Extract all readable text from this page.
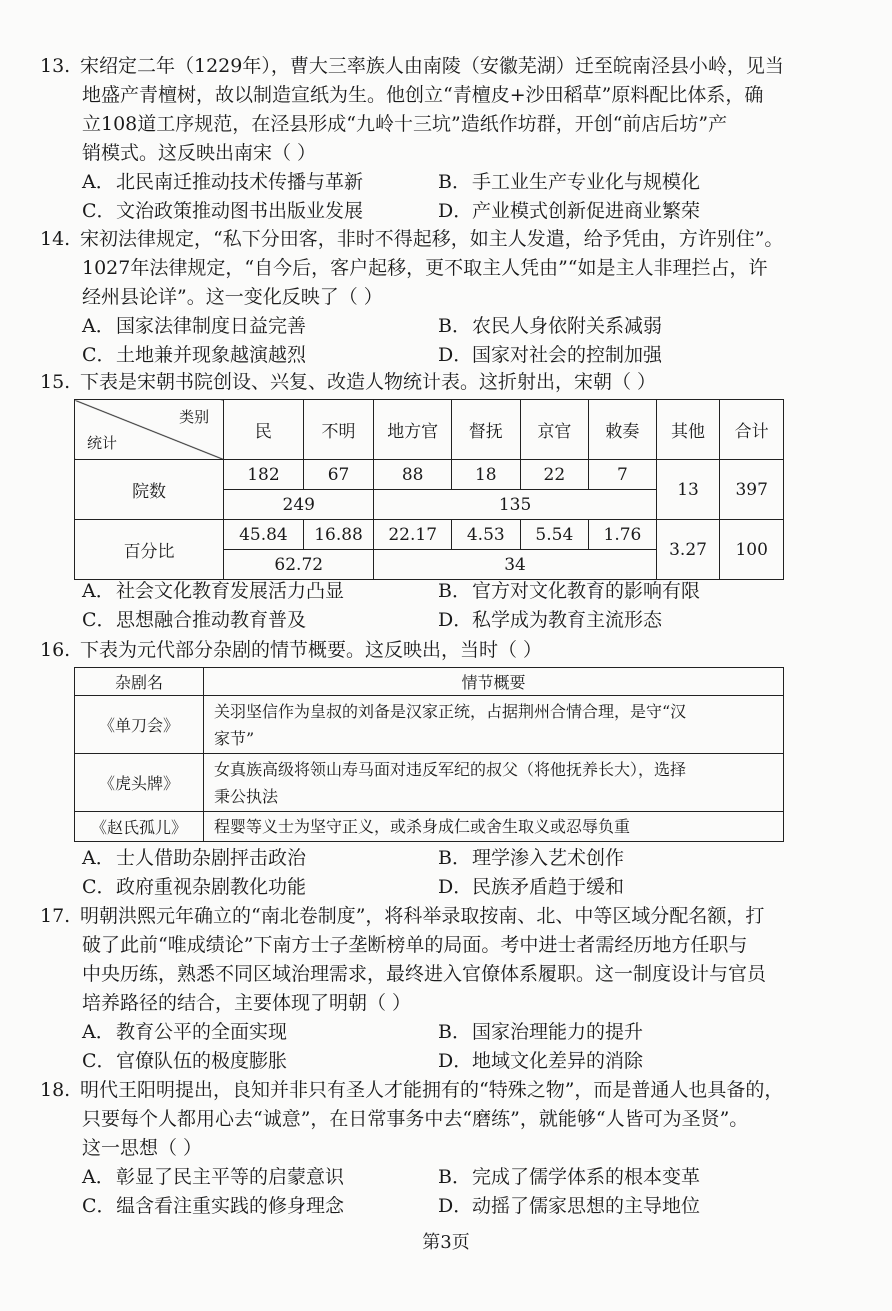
13. 宋绍定二年（1229年），曹大三率族人由南陵（安徽芜湖）迁至皖南泾县小岭，见当
地盛产青檀树，故以制造宣纸为生。他创立“青檀皮+沙田稻草”原料配比体系，确
立108道工序规范，在泾县形成“九岭十三坑”造纸作坊群，开创“前店后坊”产
销模式。这反映出南宋（ ）
A．北民南迁推动技术传播与革新	B．手工业生产专业化与规模化
C．文治政策推动图书出版业发展	D．产业模式创新促进商业繁荣
14. 宋初法律规定，“私下分田客，非时不得起移，如主人发遣，给予凭由，方许别住”。
1027年法律规定，“自今后，客户起移，更不取主人凭由”“如是主人非理拦占，许
经州县论详”。这一变化反映了（ ）
A．国家法律制度日益完善	B．农民人身依附关系减弱
C．土地兼并现象越演越烈	D．国家对社会的控制加强
15. 下表是宋朝书院创设、兴复、改造人物统计表。这折射出，宋朝（ ）
类别
统计	民	不明	地方官	督抚	京官	敕奏	其他	合计
院数	182	67	88	18	22	7	13	397
	249		135					
百分比	45.84	16.88	22.17	4.53	5.54	1.76	3.27	100
	62.72		34					
A．社会文化教育发展活力凸显	B．官方对文化教育的影响有限
C．思想融合推动教育普及	D．私学成为教育主流形态
16. 下表为元代部分杂剧的情节概要。这反映出，当时（ ）
杂剧名	情节概要
《单刀会》	关羽坚信作为皇叔的刘备是汉家正统，占据荆州合情合理，是守“汉
家节”

《虎头牌》	女真族高级将领山寿马面对违反军纪的叔父（将他抚养长大），选择
秉公执法

《赵氏孤儿》	程婴等义士为坚守正义，或杀身成仁或舍生取义或忍辱负重
A．士人借助杂剧抨击政治	B．理学渗入艺术创作
C．政府重视杂剧教化功能	D．民族矛盾趋于缓和
17. 明朝洪熙元年确立的“南北卷制度”，将科举录取按南、北、中等区域分配名额，打
破了此前“唯成绩论”下南方士子垄断榜单的局面。考中进士者需经历地方任职与
中央历练，熟悉不同区域治理需求，最终进入官僚体系履职。这一制度设计与官员
培养路径的结合，主要体现了明朝（ ）
A．教育公平的全面实现	B．国家治理能力的提升
C．官僚队伍的极度膨胀	D．地域文化差异的消除
18. 明代王阳明提出，良知并非只有圣人才能拥有的“特殊之物”，而是普通人也具备的，
只要每个人都用心去“诚意”，在日常事务中去“磨练”，就能够“人皆可为圣贤”。
这一思想（ ）
A．彰显了民主平等的启蒙意识	B．完成了儒学体系的根本变革
C．缊含看注重实践的修身理念	D．动摇了儒家思想的主导地位
第3页
